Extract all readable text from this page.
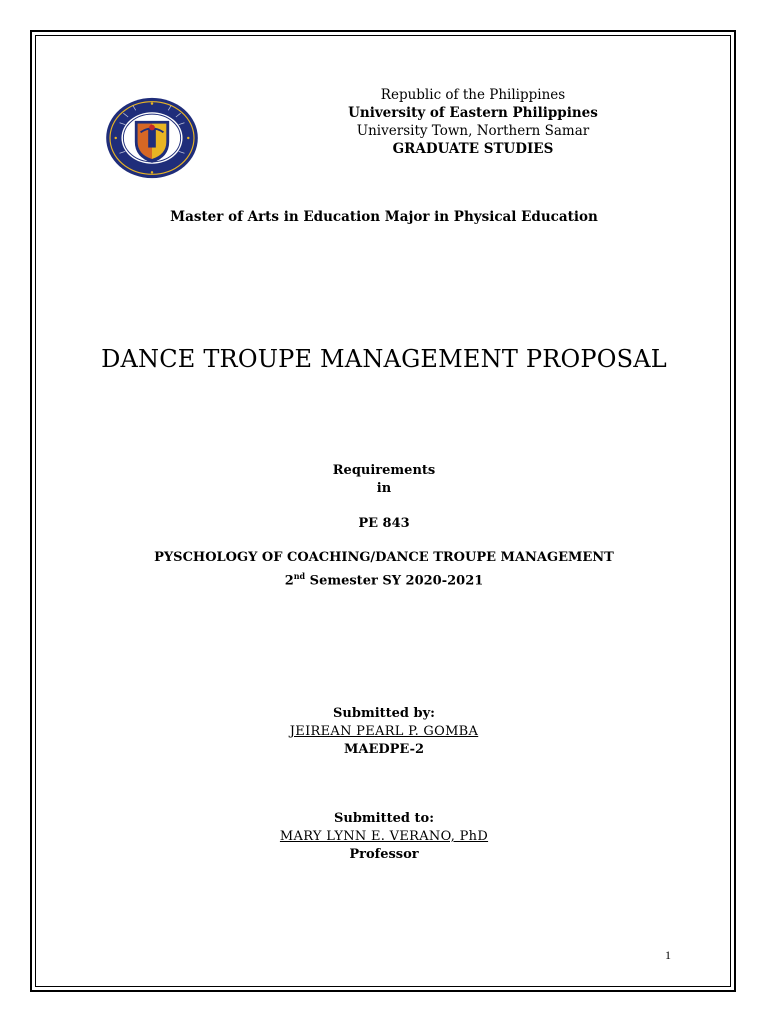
Republic of the Philippines
University of Eastern Philippines
University Town, Northern Samar
GRADUATE STUDIES
Master of Arts in Education Major in Physical Education
DANCE TROUPE MANAGEMENT PROPOSAL
Requirements
in
PE 843
PYSCHOLOGY OF COACHING/DANCE TROUPE MANAGEMENT
2nd Semester SY 2020-2021
Submitted by:
JEIREAN PEARL P. GOMBA
MAEDPE-2
Submitted to:
MARY LYNN E. VERANO, PhD
Professor
1
